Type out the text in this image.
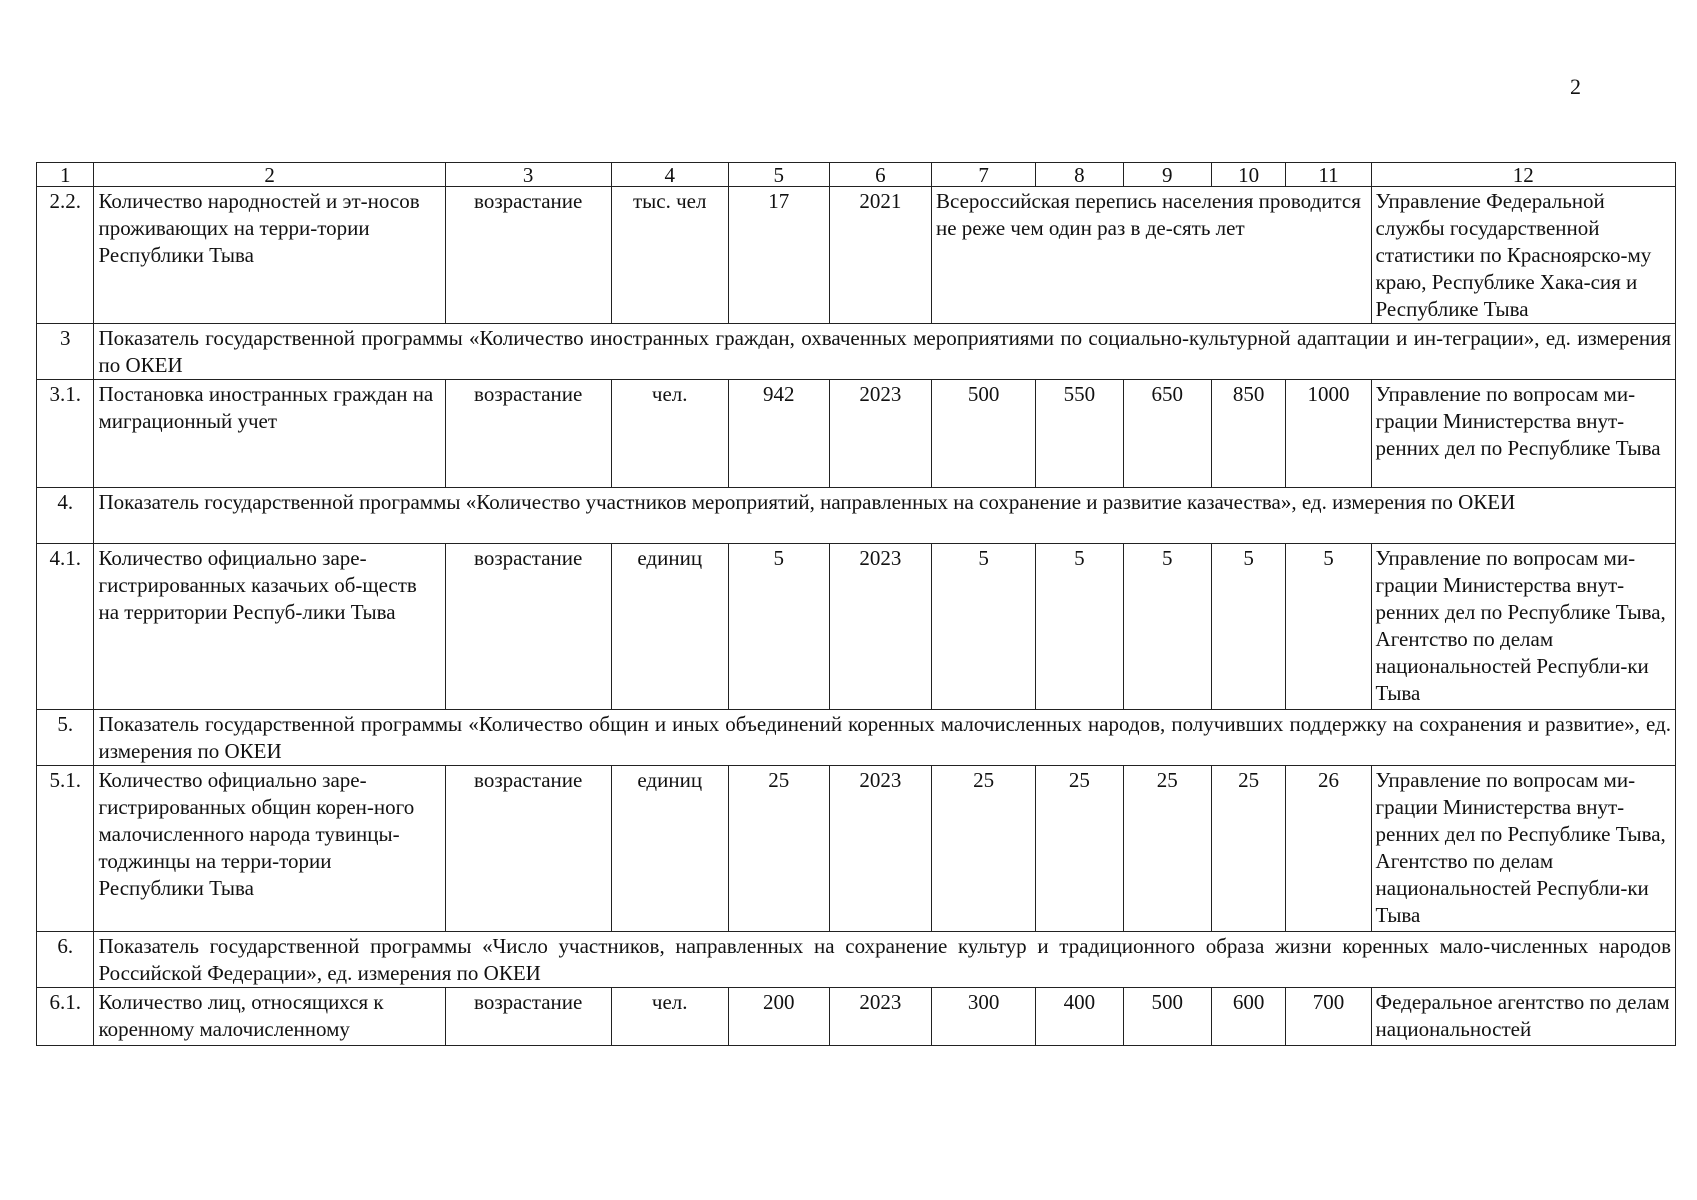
2
1	2	3	4	5	6	7	8	9	10	11	12
2.2.	Количество народностей и эт-носов проживающих на терри-тории Республики Тыва	возрастание	тыс. чел	17	2021	Всероссийская перепись населения проводится не реже чем один раз в де-сять лет					Управление Федеральной службы государственной статистики по Красноярско-му краю, Республике Хака-сия и Республике Тыва
3	Показатель государственной программы «Количество иностранных граждан, охваченных мероприятиями по социально-культурной адаптации и ин-теграции», ед. измерения по ОКЕИ										
3.1.	Постановка иностранных граждан на миграционный учет	возрастание	чел.	942	2023	500	550	650	850	1000	Управление по вопросам ми-грации Министерства внут-ренних дел по Республике Тыва
4.	Показатель государственной программы «Количество участников мероприятий, направленных на сохранение и развитие казачества», ед. измерения по ОКЕИ										
4.1.	Количество официально заре-гистрированных казачьих об-ществ на территории Респуб-лики Тыва	возрастание	единиц	5	2023	5	5	5	5	5	Управление по вопросам ми-грации Министерства внут-ренних дел по Республике Тыва, Агентство по делам национальностей Республи-ки Тыва
5.	Показатель государственной программы «Количество общин и иных объединений коренных малочисленных народов, получивших поддержку на сохранения и развитие», ед. измерения по ОКЕИ										
5.1.	Количество официально заре-гистрированных общин корен-ного малочисленного народа тувинцы-тоджинцы на терри-тории Республики Тыва	возрастание	единиц	25	2023	25	25	25	25	26	Управление по вопросам ми-грации Министерства внут-ренних дел по Республике Тыва, Агентство по делам национальностей Республи-ки Тыва
6.	Показатель государственной программы «Число участников, направленных на сохранение культур и традиционного образа жизни коренных мало-численных народов Российской Федерации», ед. измерения по ОКЕИ										
6.1.	Количество лиц, относящихся к коренному малочисленному	возрастание	чел.	200	2023	300	400	500	600	700	Федеральное агентство по делам национальностей
